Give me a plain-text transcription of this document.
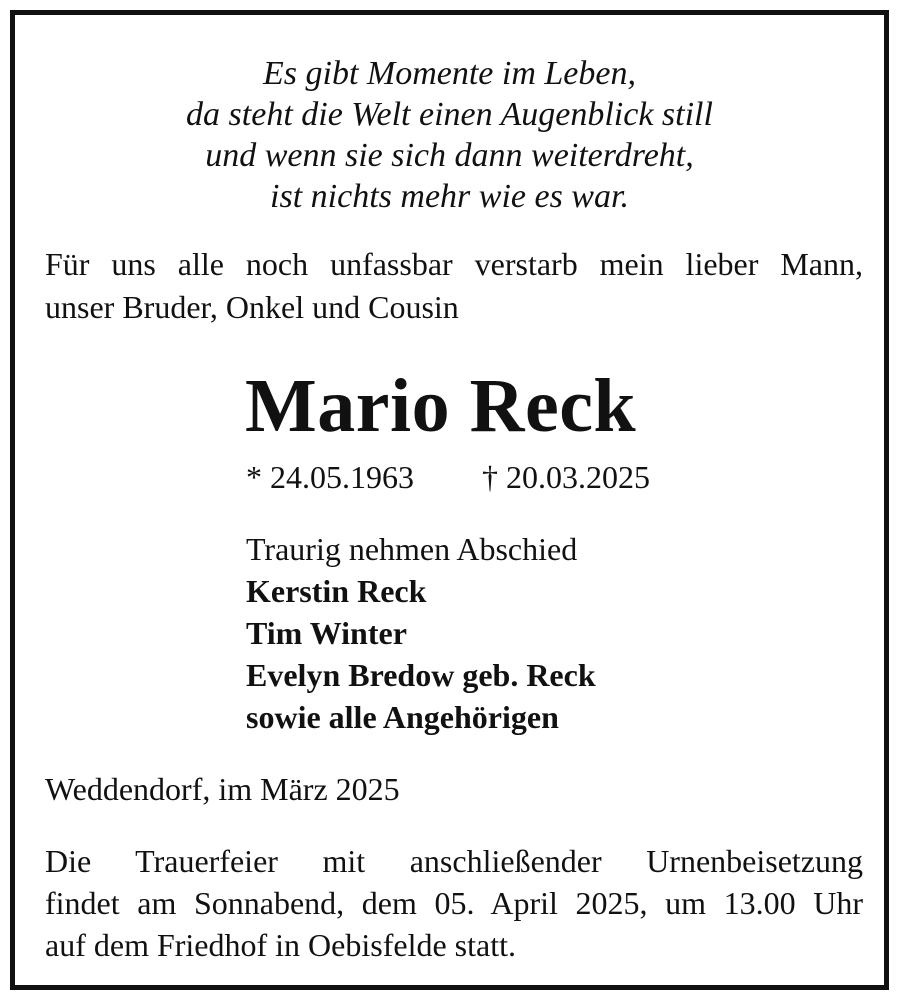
Es gibt Momente im Leben,
da steht die Welt einen Augenblick still
und wenn sie sich dann weiterdreht,
ist nichts mehr wie es war.
Für uns alle noch unfassbar verstarb mein lieber Mann,
unser Bruder, Onkel und Cousin
Mario Reck
* 24.05.1963 † 20.03.2025
Traurig nehmen Abschied
Kerstin Reck
Tim Winter
Evelyn Bredow geb. Reck
sowie alle Angehörigen
Weddendorf, im März 2025
Die Trauerfeier mit anschließender Urnenbeisetzung
findet am Sonnabend, dem 05. April 2025, um 13.00 Uhr
auf dem Friedhof in Oebisfelde statt.
